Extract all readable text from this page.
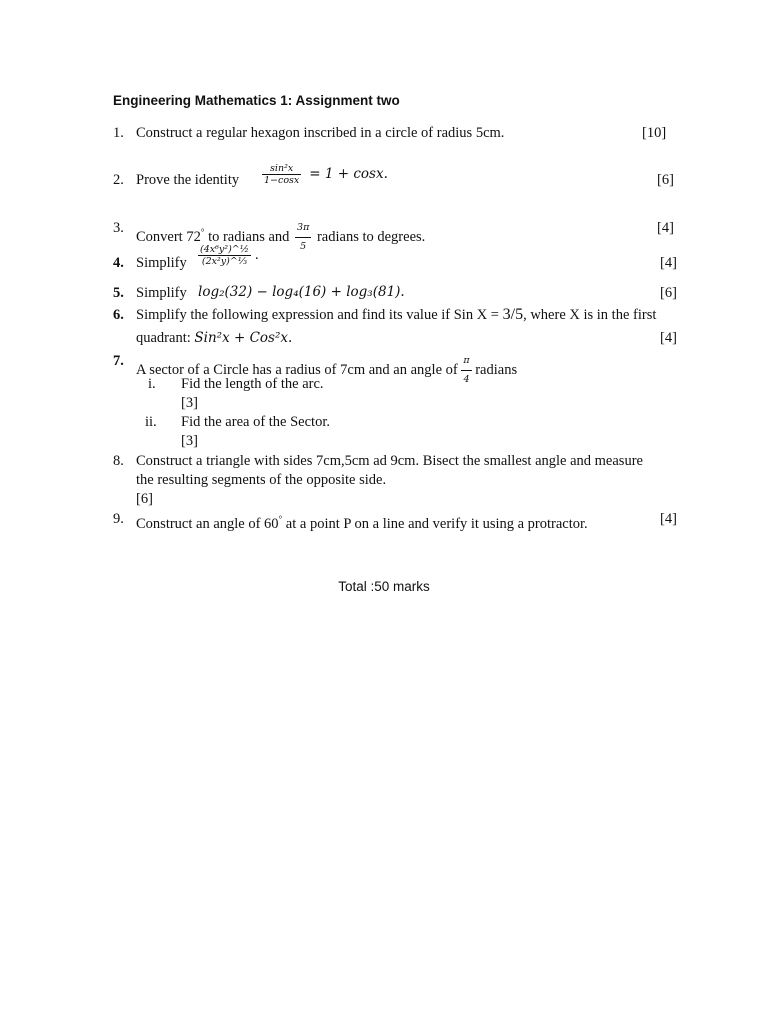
Engineering Mathematics 1: Assignment two
1. Construct a regular hexagon inscribed in a circle of radius 5cm.	[10]
2. Prove the identity $\frac{\text{sin²x}}{1-\cos x} = 1 + \cos x$.	[6]
3.
Convert 72° to radians and $\frac{3\pi}{5}$ radians to degrees.
[4]
4. Simplify $\frac{\text{(4x⁶y²)\textasciicircum{}½}}{\text{(2x²y)\textasciicircum{}⅓}}$ .	[4]
5. Simplify log₂(32) − log₄(16) + log₃(81).	[6]
6. Simplify the following expression and find its value if Sin X = 3/5, where X is in the first
quadrant: Sin²x + Cos²x.	[4]
7.
A sector of a Circle has a radius of 7cm and an angle of $\frac{\pi}{4}$ radians
i. Fid the length of the arc.
[3]
ii. Fid the area of the Sector.
[3]
8. Construct a triangle with sides 7cm,5cm ad 9cm. Bisect the smallest angle and measure
the resulting segments of the opposite side.
[6]
9. Construct an angle of 60° at a point P on a line and verify it using a protractor.	[4]
Total :50 marks
